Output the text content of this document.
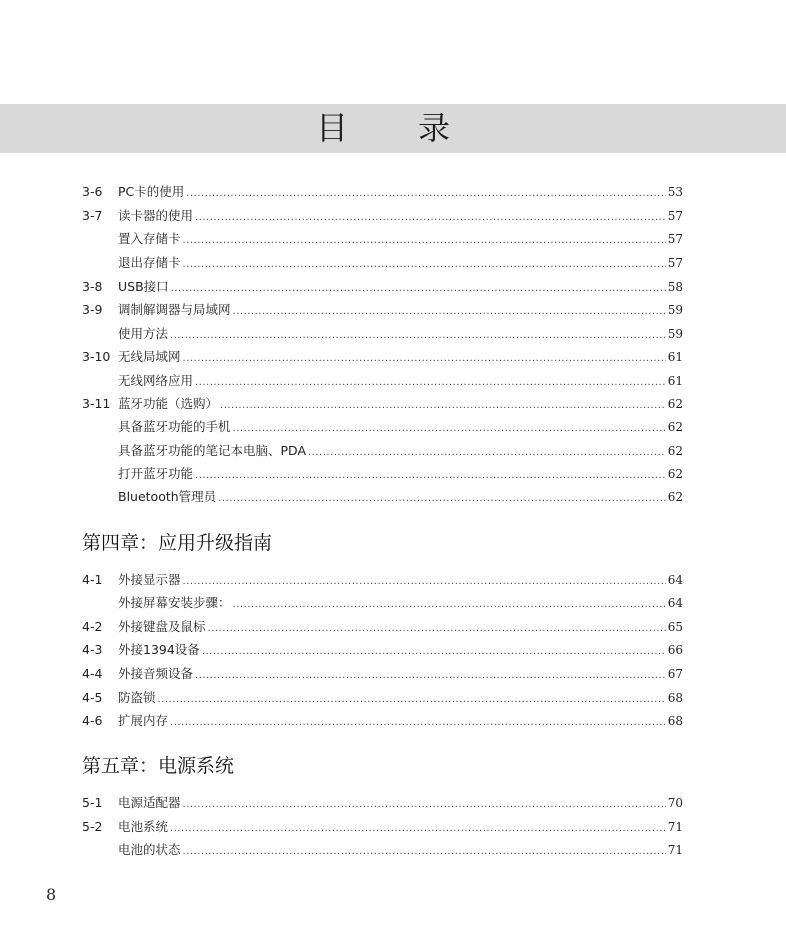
目 录
3-6	PC卡的使用 .....	53
3-7	读卡器的使用 .....	57
置入存储卡 .....	57
退出存储卡 .....	57
3-8	USB接口 .....	58
3-9	调制解调器与局域网 .....	59
使用方法 .....	59
3-10 无线局域网 .....	61
无线网络应用 .....	61
3-11 蓝牙功能（选购） .....	62
具备蓝牙功能的手机 .....	62
具备蓝牙功能的笔记本电脑、PDA .....	62
打开蓝牙功能 .....	62
Bluetooth管理员 .....	62
第四章：应用升级指南
4-1	外接显示器 .....	64
外接屏幕安装步骤： .....	64
4-2	外接键盘及鼠标 .....	65
4-3	外接1394设备 .....	66
4-4	外接音频设备 .....	67
4-5	防盗锁 .....	68
4-6	扩展内存 .....	68
第五章：电源系统
5-1	电源适配器 .....	70
5-2	电池系统 .....	71
电池的状态 .....	71
8
